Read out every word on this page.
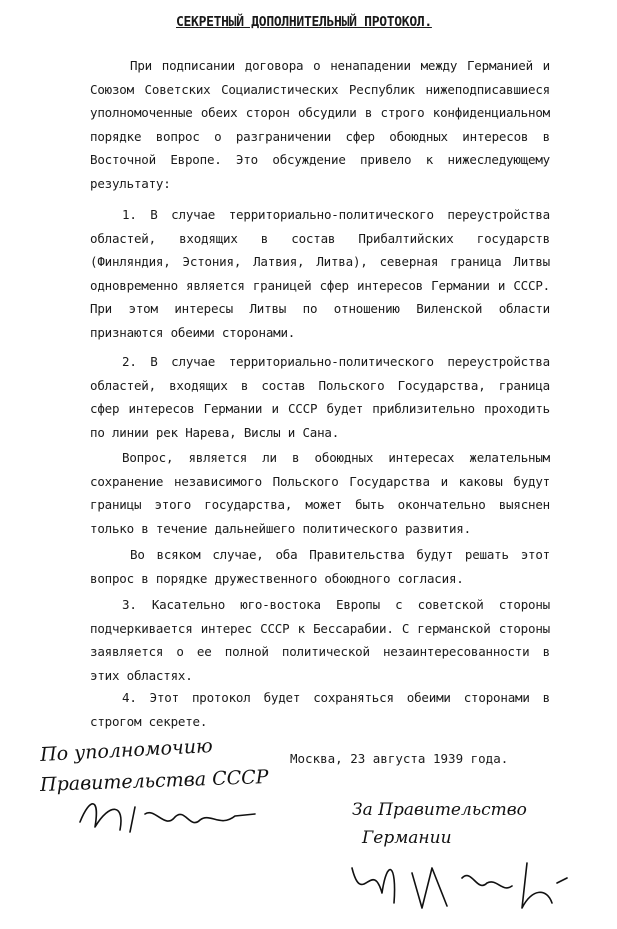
СЕКРЕТНЫЙ ДОПОЛНИТЕЛЬНЫЙ ПРОТОКОЛ.

При подписании договора о ненападении между Германией и Союзом Советских Социалистических Республик нижеподписавшиеся уполномоченные обеих сторон обсудили в строго конфиденциальном порядке вопрос о разграничении сфер обоюдных интересов в Восточной Европе. Это обсуждение привело к нижеследующему результату:

1. В случае территориально-политического переустройства областей, входящих в состав Прибалтийских государств (Финляндия, Эстония, Латвия, Литва), северная граница Литвы одновременно является границей сфер интересов Германии и СССР. При этом интересы Литвы по отношению Виленской области признаются обеими сторонами.

2. В случае территориально-политического переустройства областей, входящих в состав Польского Государства, граница сфер интересов Германии и СССР будет приблизительно проходить по линии рек Нарева, Вислы и Сана.

Вопрос, является ли в обоюдных интересах желательным сохранение независимого Польского Государства и каковы будут границы этого государства, может быть окончательно выяснен только в течение дальнейшего политического развития.

Во всяком случае, оба Правительства будут решать этот вопрос в порядке дружественного обоюдного согласия.

3. Касательно юго-востока Европы с советской стороны подчеркивается интерес СССР к Бессарабии. С германской стороны заявляется о ее полной политической незаинтересованности в этих областях.

4. Этот протокол будет сохраняться обеими сторонами в строгом секрете.

Москва, 23 августа 1939 года.
По уполномочию
Правительства СССР
За Правительство
Германии
